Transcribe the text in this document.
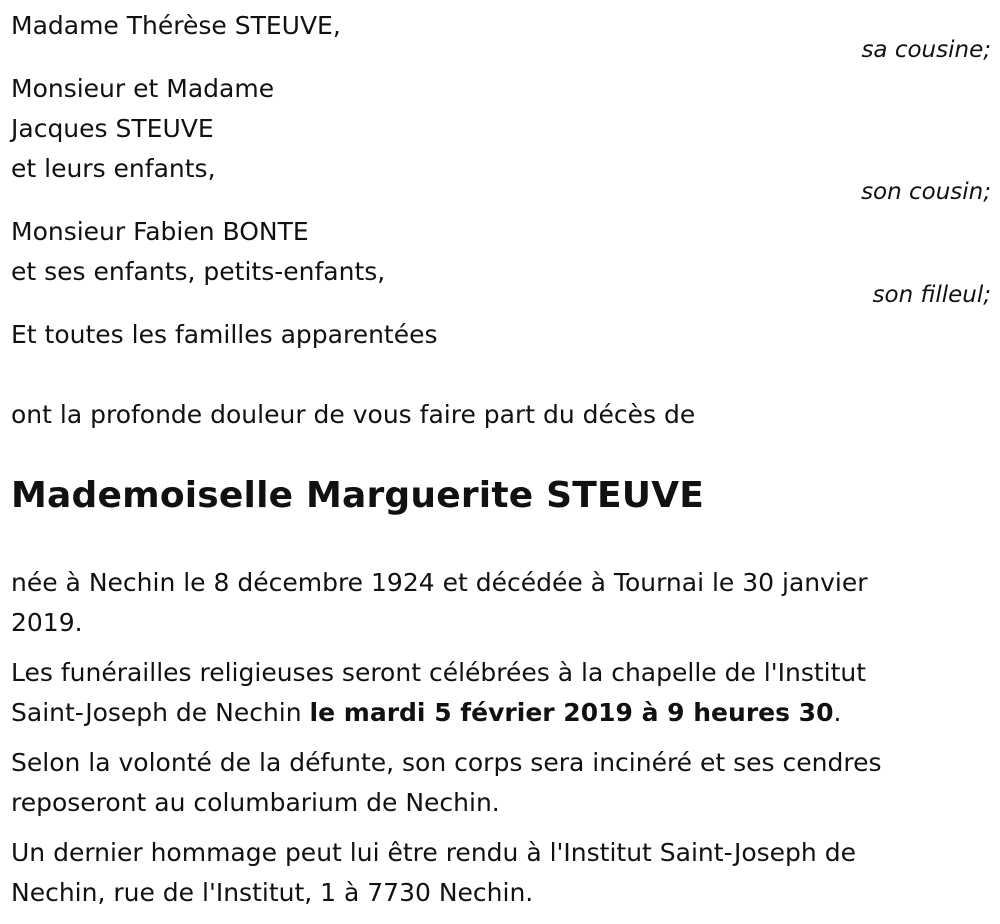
Madame Thérèse STEUVE,
sa cousine;
Monsieur et Madame
Jacques STEUVE
et leurs enfants,
son cousin;
Monsieur Fabien BONTE
et ses enfants, petits-enfants,
son filleul;
Et toutes les familles apparentées
ont la profonde douleur de vous faire part du décès de
Mademoiselle Marguerite STEUVE

née à Nechin le 8 décembre 1924 et décédée à Tournai le 30 janvier 2019.

Les funérailles religieuses seront célébrées à la chapelle de l'Institut Saint-Joseph de Nechin le mardi 5 février 2019 à 9 heures 30.

Selon la volonté de la défunte, son corps sera incinéré et ses cendres reposeront au columbarium de Nechin.

Un dernier hommage peut lui être rendu à l'Institut Saint-Joseph de Nechin, rue de l'Institut, 1 à 7730 Nechin.
